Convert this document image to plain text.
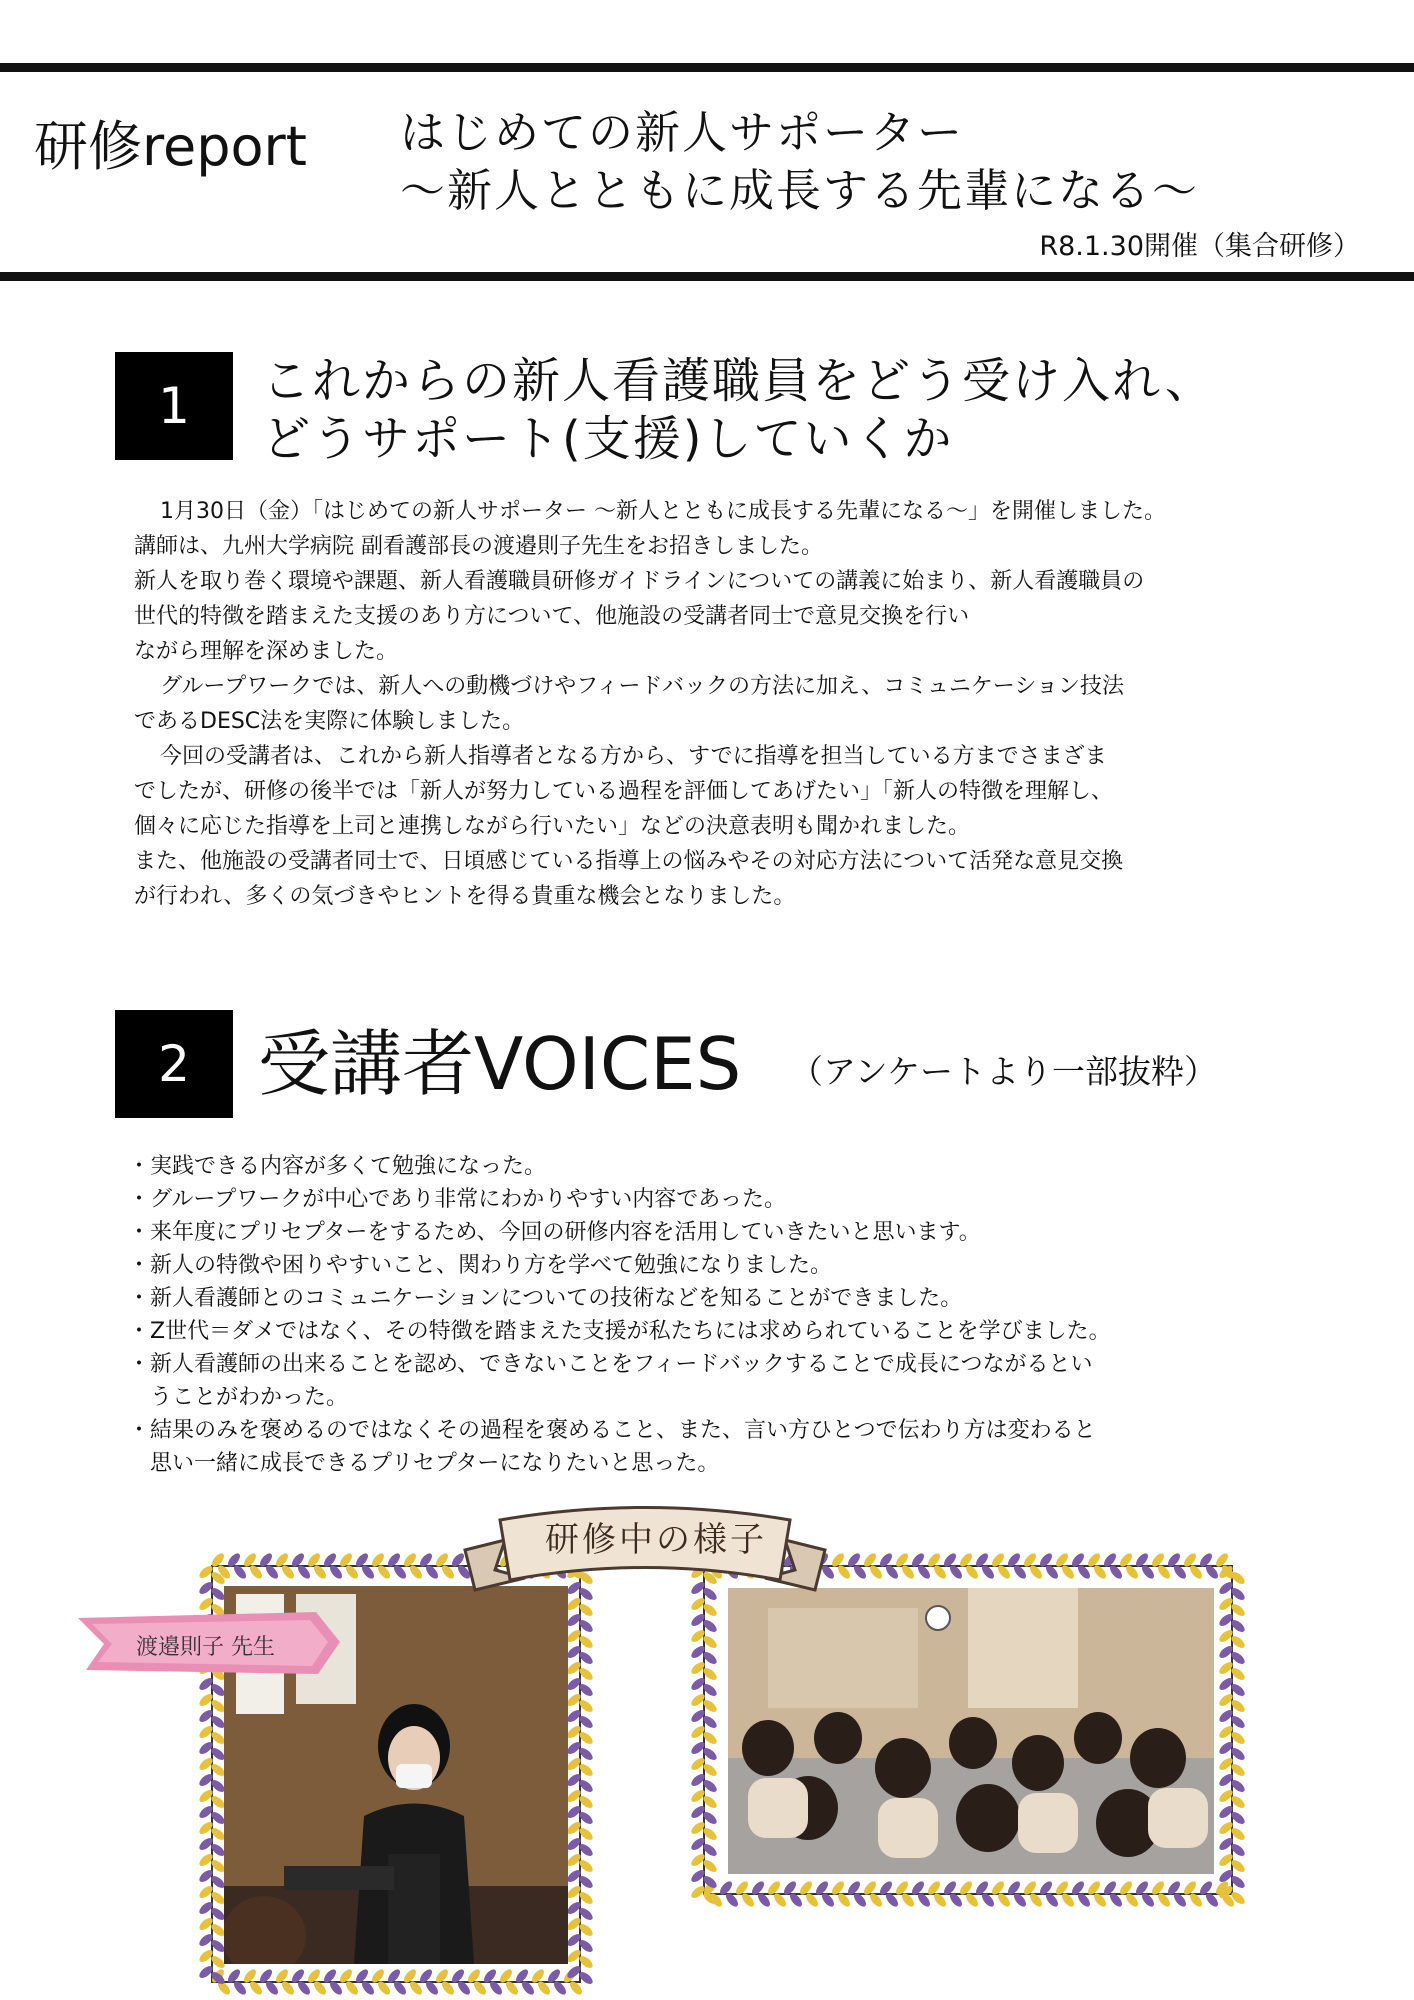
研修report はじめての新人サポーター
〜新人とともに成長する先輩になる〜
R8.1.30開催（集合研修）
1	これからの新人看護職員をどう受け入れ、
どうサポート(支援)していくか

1月30日（金）「はじめての新人サポーター 〜新人とともに成長する先輩になる〜」を開催しました。

講師は、九州大学病院 副看護部長の渡邉則子先生をお招きしました。

新人を取り巻く環境や課題、新人看護職員研修ガイドラインについての講義に始まり、新人看護職員の

世代的特徴を踏まえた支援のあり方について、他施設の受講者同士で意見交換を行い

ながら理解を深めました。

グループワークでは、新人への動機づけやフィードバックの方法に加え、コミュニケーション技法

であるDESC法を実際に体験しました。

今回の受講者は、これから新人指導者となる方から、すでに指導を担当している方までさまざま

でしたが、研修の後半では「新人が努力している過程を評価してあげたい」「新人の特徴を理解し、

個々に応じた指導を上司と連携しながら行いたい」などの決意表明も聞かれました。

また、他施設の受講者同士で、日頃感じている指導上の悩みやその対応方法について活発な意見交換

が行われ、多くの気づきやヒントを得る貴重な機会となりました。

2 受講者VOICES （アンケートより一部抜粋）
・実践できる内容が多くて勉強になった。
・グループワークが中心であり非常にわかりやすい内容であった。
・来年度にプリセプターをするため、今回の研修内容を活用していきたいと思います。
・新人の特徴や困りやすいこと、関わり方を学べて勉強になりました。
・新人看護師とのコミュニケーションについての技術などを知ることができました。
・Z世代＝ダメではなく、その特徴を踏まえた支援が私たちには求められていることを学びました。
・新人看護師の出来ることを認め、できないことをフィードバックすることで成長につながるとい
うことがわかった。
・結果のみを褒めるのではなくその過程を褒めること、また、言い方ひとつで伝わり方は変わると
思い一緒に成長できるプリセプターになりたいと思った。
研修中の様子
渡邉則子 先生
